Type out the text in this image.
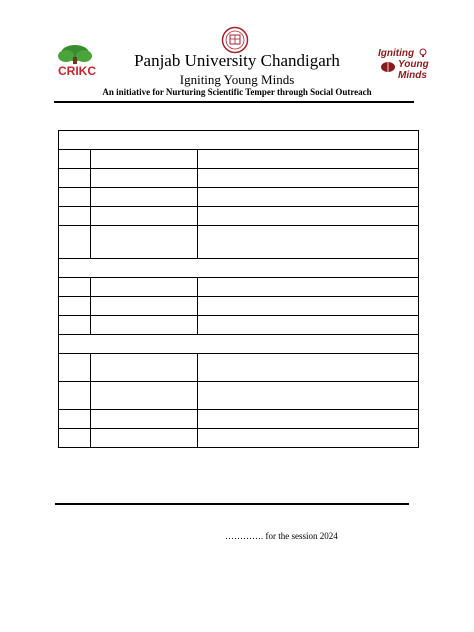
CRIKC
Panjab University Chandigarh
Igniting Young Minds
An initiative for Nurturing Scientific Temper through Social Outreach
Igniting
Young
Minds

…………. for the session 2024
